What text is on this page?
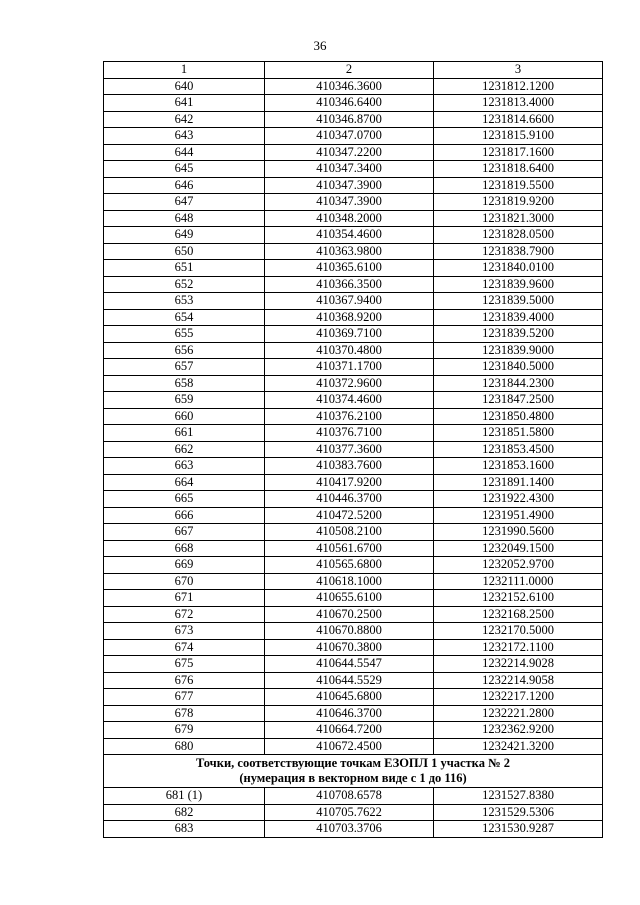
36
1	2	3
640	410346.3600	1231812.1200
641	410346.6400	1231813.4000
642	410346.8700	1231814.6600
643	410347.0700	1231815.9100
644	410347.2200	1231817.1600
645	410347.3400	1231818.6400
646	410347.3900	1231819.5500
647	410347.3900	1231819.9200
648	410348.2000	1231821.3000
649	410354.4600	1231828.0500
650	410363.9800	1231838.7900
651	410365.6100	1231840.0100
652	410366.3500	1231839.9600
653	410367.9400	1231839.5000
654	410368.9200	1231839.4000
655	410369.7100	1231839.5200
656	410370.4800	1231839.9000
657	410371.1700	1231840.5000
658	410372.9600	1231844.2300
659	410374.4600	1231847.2500
660	410376.2100	1231850.4800
661	410376.7100	1231851.5800
662	410377.3600	1231853.4500
663	410383.7600	1231853.1600
664	410417.9200	1231891.1400
665	410446.3700	1231922.4300
666	410472.5200	1231951.4900
667	410508.2100	1231990.5600
668	410561.6700	1232049.1500
669	410565.6800	1232052.9700
670	410618.1000	1232111.0000
671	410655.6100	1232152.6100
672	410670.2500	1232168.2500
673	410670.8800	1232170.5000
674	410670.3800	1232172.1100
675	410644.5547	1232214.9028
676	410644.5529	1232214.9058
677	410645.6800	1232217.1200
678	410646.3700	1232221.2800
679	410664.7200	1232362.9200
680	410672.4500	1232421.3200
Точки, соответствующие точкам ЕЗОПЛ 1 участка № 2
(нумерация в векторном виде с 1 до 116)		
681 (1)	410708.6578	1231527.8380
682	410705.7622	1231529.5306
683	410703.3706	1231530.9287
